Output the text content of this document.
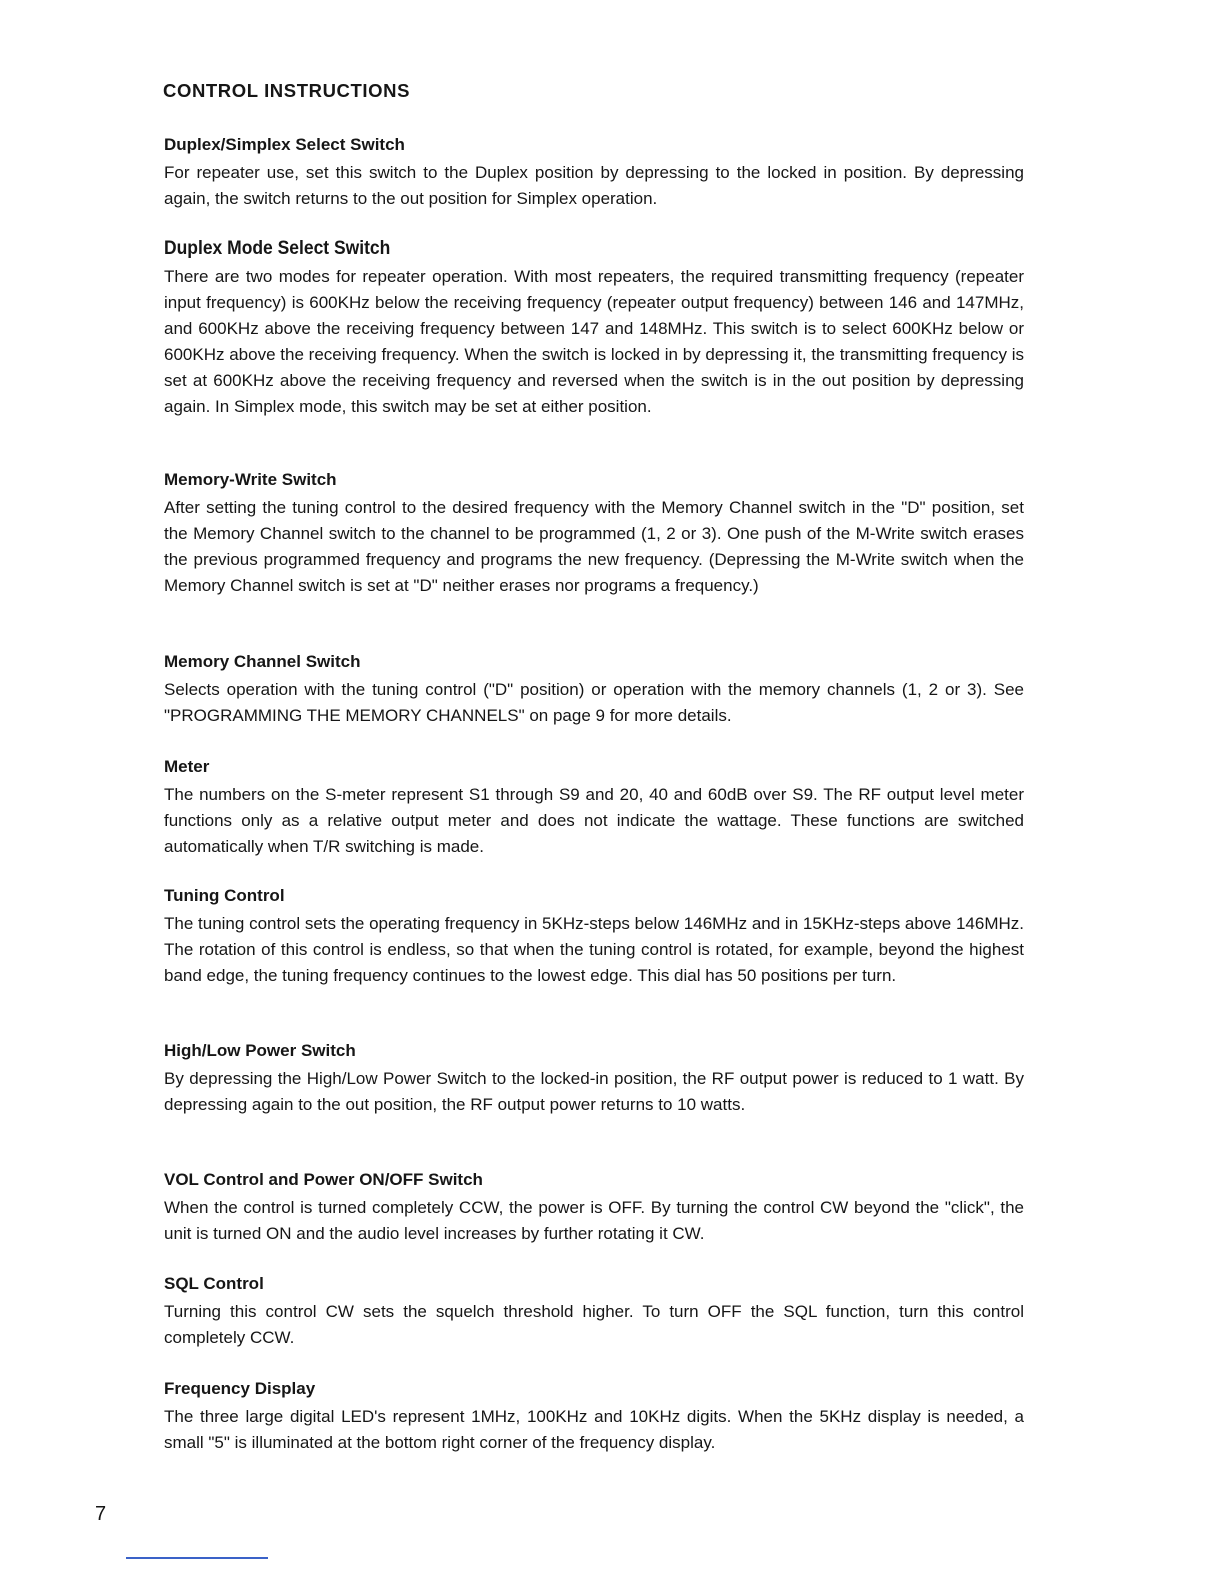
CONTROL INSTRUCTIONS
Duplex/Simplex Select Switch

For repeater use, set this switch to the Duplex position by depressing to the locked in position. By depressing again, the switch returns to the out position for Simplex operation.

Duplex Mode Select Switch

There are two modes for repeater operation. With most repeaters, the required transmitting frequency (repeater input frequency) is 600KHz below the receiving frequency (repeater output frequency) between 146 and 147MHz, and 600KHz above the receiving frequency between 147 and 148MHz. This switch is to select 600KHz below or 600KHz above the receiving frequency. When the switch is locked in by depressing it, the transmitting frequency is set at 600KHz above the receiving frequency and reversed when the switch is in the out position by depressing again. In Simplex mode, this switch may be set at either position.

Memory-Write Switch

After setting the tuning control to the desired frequency with the Memory Channel switch in the "D" position, set the Memory Channel switch to the channel to be programmed (1, 2 or 3). One push of the M-Write switch erases the previous programmed frequency and programs the new frequency. (Depressing the M-Write switch when the Memory Channel switch is set at "D" neither erases nor programs a frequency.)

Memory Channel Switch

Selects operation with the tuning control ("D" position) or operation with the memory channels (1, 2 or 3). See "PROGRAMMING THE MEMORY CHANNELS" on page 9 for more details.

Meter

The numbers on the S-meter represent S1 through S9 and 20, 40 and 60dB over S9. The RF output level meter functions only as a relative output meter and does not indicate the wattage. These functions are switched automatically when T/R switching is made.

Tuning Control

The tuning control sets the operating frequency in 5KHz-steps below 146MHz and in 15KHz-steps above 146MHz. The rotation of this control is endless, so that when the tuning control is rotated, for example, beyond the highest band edge, the tuning frequency continues to the lowest edge. This dial has 50 positions per turn.

High/Low Power Switch

By depressing the High/Low Power Switch to the locked-in position, the RF output power is reduced to 1 watt. By depressing again to the out position, the RF output power returns to 10 watts.

VOL Control and Power ON/OFF Switch

When the control is turned completely CCW, the power is OFF. By turning the control CW beyond the "click", the unit is turned ON and the audio level increases by further rotating it CW.

SQL Control

Turning this control CW sets the squelch threshold higher. To turn OFF the SQL function, turn this control completely CCW.

Frequency Display

The three large digital LED's represent 1MHz, 100KHz and 10KHz digits. When the 5KHz display is needed, a small "5" is illuminated at the bottom right corner of the frequency display.

7
